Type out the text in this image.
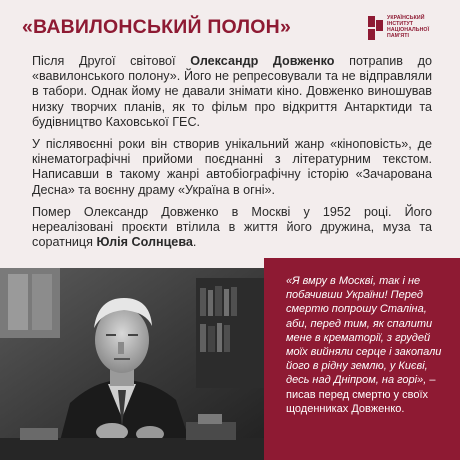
«ВАВИЛОНСЬКИЙ ПОЛОН»	УКРАЇНСЬКИЙ
ІНСТИТУТ
НАЦІОНАЛЬНОЇ
ПАМ'ЯТІ

Після Другої світової Олександр Довженко потрапив до «вавилонського полону». Його не репресовували та не відправляли в табори. Однак йому не давали знімати кіно. Довженко виношував низку творчих планів, як то фільм про відкриття Антарктиди та будівництво Каховської ГЕС.

У післявоєнні роки він створив унікальний жанр «кіноповість», де кінематографічні прийоми поєднанні з літературним текстом. Написавши в такому жанрі автобіографічну історію «Зачарована Десна» та воєнну драму «Україна в огні».

Помер Олександр Довженко в Москві у 1952 році. Його нереалізовані проєкти втілила в життя його дружина, муза та соратниця Юлія Солнцева.

«Я вмру в Москві, так і не побачивши України! Перед смертю попрошу Сталіна, аби, перед тим, як спалити мене в крематорії, з грудей моїх вийняли серце і закопали його в рідну землю, у Києві, десь над Дніпром, на горі», – писав перед смертю у своїх щоденниках Довженко.
